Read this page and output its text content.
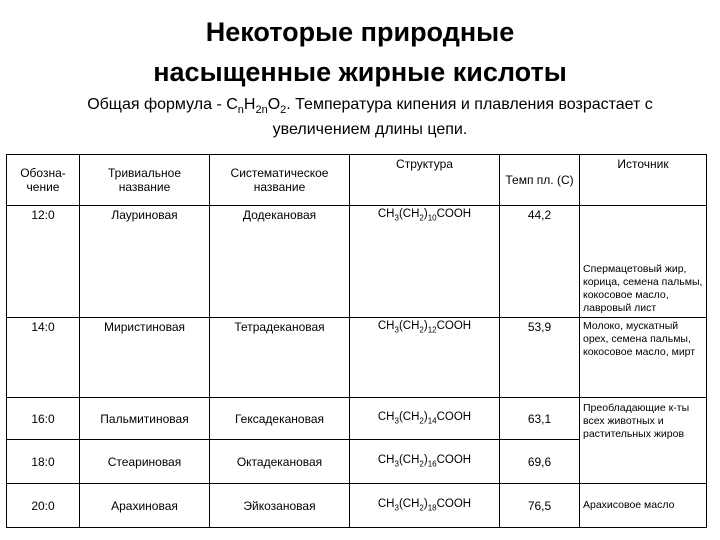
Некоторые природные
насыщенные жирные кислоты
Общая формула - $C_nH_{2n}O_2$. Температура кипения и плавления возрастает с увеличением длины цепи.
Обозна-чение	Тривиальное название	Систематическое название	Структура	Темп пл. (С)	Источник
12:0	Лауриновая	Додекановая	$CH_3(CH_2)_{10}COOH$	44,2	Спермацетовый жир, корица, семена пальмы, кокосовое масло, лавровый лист
14:0	Миристиновая	Тетрадекановая	$CH_3(CH_2)_{12}COOH$	53,9	Молоко, мускатный орех, семена пальмы, кокосовое масло, мирт
16:0	Пальмитиновая	Гексадекановая	$CH_3(CH_2)_{14}COOH$	63,1	Преобладающие к-ты всех животных и растительных жиров
18:0	Стеариновая	Октадекановая	$CH_3(CH_2)_{16}COOH$	69,6	
20:0	Арахиновая	Эйкозановая	$CH_3(CH_2)_{18}COOH$	76,5	Арахисовое масло
